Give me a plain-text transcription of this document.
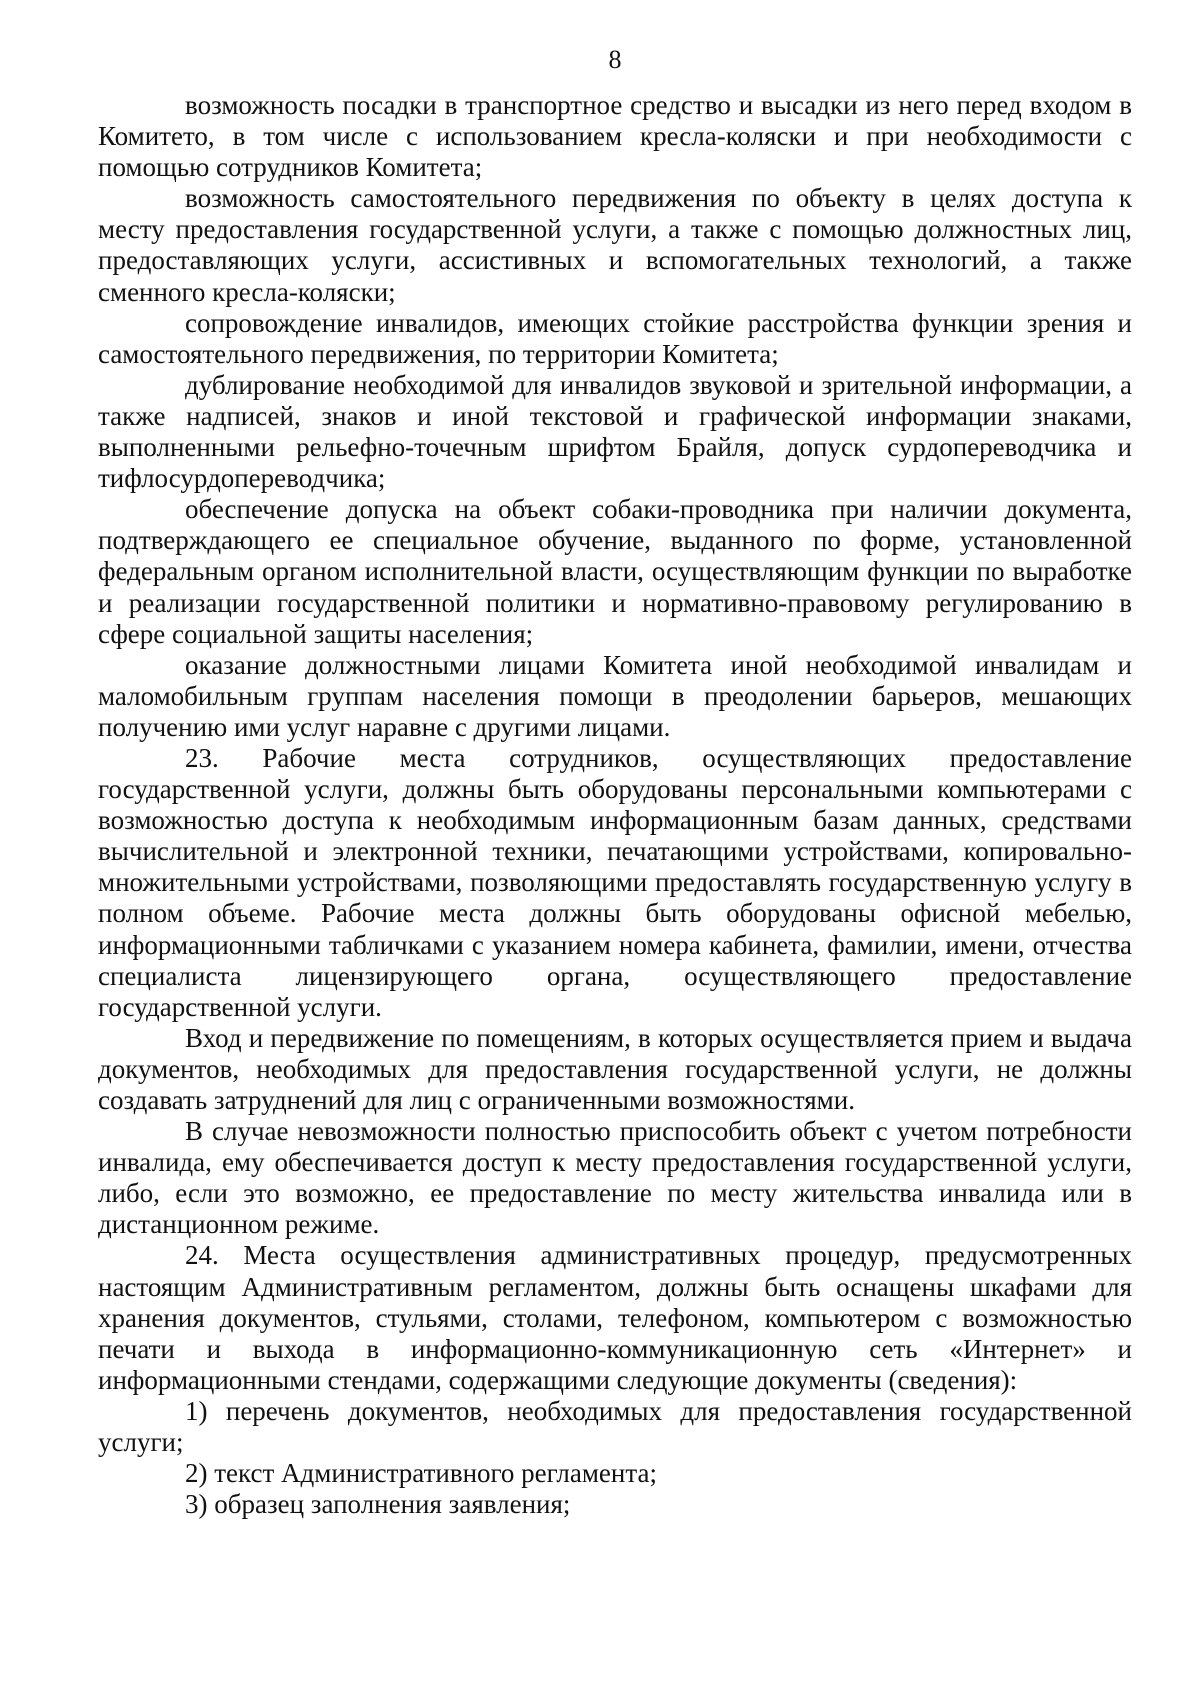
8

возможность посадки в транспортное средство и высадки из него перед входом в Комитето, в том числе с использованием кресла-коляски и при необходимости с помощью сотрудников Комитета;

возможность самостоятельного передвижения по объекту в целях доступа к месту предоставления государственной услуги, а также с помощью должностных лиц, предоставляющих услуги, ассистивных и вспомогательных технологий, а также сменного кресла-коляски;

сопровождение инвалидов, имеющих стойкие расстройства функции зрения и самостоятельного передвижения, по территории Комитета;

дублирование необходимой для инвалидов звуковой и зрительной информации, а также надписей, знаков и иной текстовой и графической информации знаками, выполненными рельефно-точечным шрифтом Брайля, допуск сурдопереводчика и тифлосурдопереводчика;

обеспечение допуска на объект собаки-проводника при наличии документа, подтверждающего ее специальное обучение, выданного по форме, установленной федеральным органом исполнительной власти, осуществляющим функции по выработке и реализации государственной политики и нормативно-правовому регулированию в сфере социальной защиты населения;

оказание должностными лицами Комитета иной необходимой инвалидам и маломобильным группам населения помощи в преодолении барьеров, мешающих получению ими услуг наравне с другими лицами.

23. Рабочие места сотрудников, осуществляющих предоставление государственной услуги, должны быть оборудованы персональными компьютерами с возможностью доступа к необходимым информационным базам данных, средствами вычислительной и электронной техники, печатающими устройствами, копировально-множительными устройствами, позволяющими предоставлять государственную услугу в полном объеме. Рабочие места должны быть оборудованы офисной мебелью, информационными табличками с указанием номера кабинета, фамилии, имени, отчества специалиста лицензирующего органа, осуществляющего предоставление государственной услуги.

Вход и передвижение по помещениям, в которых осуществляется прием и выдача документов, необходимых для предоставления государственной услуги, не должны создавать затруднений для лиц с ограниченными возможностями.

В случае невозможности полностью приспособить объект с учетом потребности инвалида, ему обеспечивается доступ к месту предоставления государственной услуги, либо, если это возможно, ее предоставление по месту жительства инвалида или в дистанционном режиме.

24. Места осуществления административных процедур, предусмотренных настоящим Административным регламентом, должны быть оснащены шкафами для хранения документов, стульями, столами, телефоном, компьютером с возможностью печати и выхода в информационно-коммуникационную сеть «Интернет» и информационными стендами, содержащими следующие документы (сведения):

1) перечень документов, необходимых для предоставления государственной услуги;

2) текст Административного регламента;

3) образец заполнения заявления;
